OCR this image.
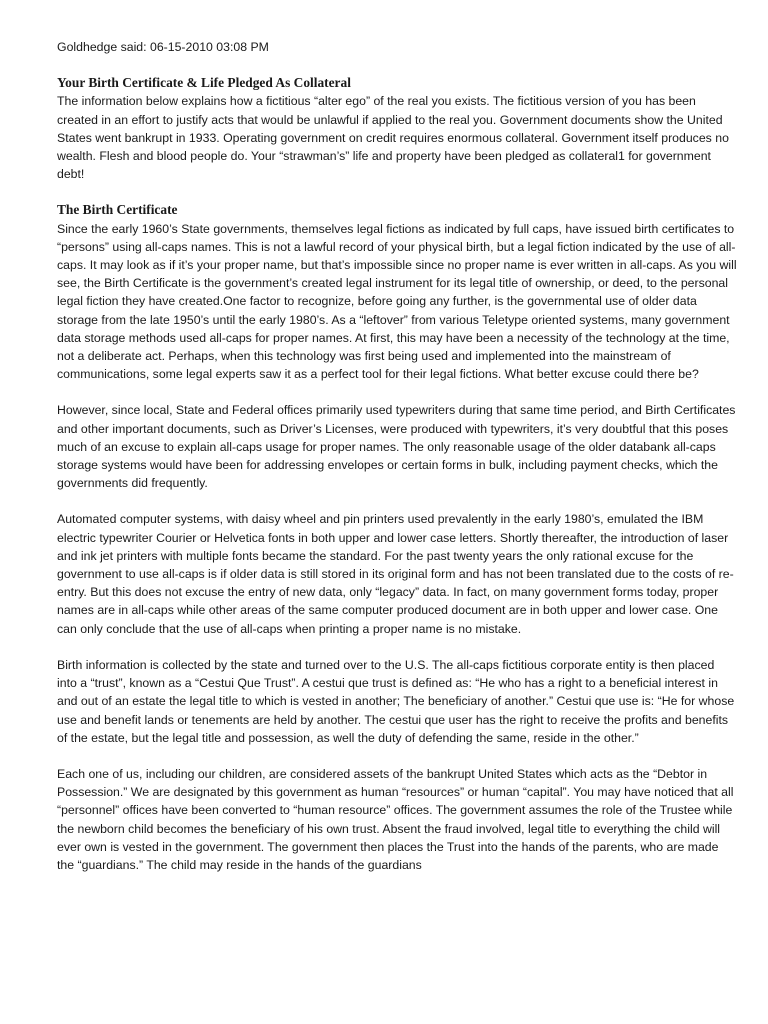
Goldhedge said: 06-15-2010 03:08 PM
Your Birth Certificate & Life Pledged As Collateral

The information below explains how a fictitious “alter ego” of the real you exists. The fictitious version of you has been created in an effort to justify acts that would be unlawful if applied to the real you. Government documents show the United States went bankrupt in 1933. Operating government on credit requires enormous collateral. Government itself produces no wealth. Flesh and blood people do. Your “strawman’s” life and property have been pledged as collateral1 for government debt!

The Birth Certificate

Since the early 1960’s State governments, themselves legal fictions as indicated by full caps, have issued birth certificates to “persons” using all-caps names. This is not a lawful record of your physical birth, but a legal fiction indicated by the use of all-caps. It may look as if it’s your proper name, but that’s impossible since no proper name is ever written in all-caps. As you will see, the Birth Certificate is the government’s created legal instrument for its legal title of ownership, or deed, to the personal legal fiction they have created.One factor to recognize, before going any further, is the governmental use of older data storage from the late 1950’s until the early 1980’s. As a “leftover” from various Teletype oriented systems, many government data storage methods used all-caps for proper names. At first, this may have been a necessity of the technology at the time, not a deliberate act. Perhaps, when this technology was first being used and implemented into the mainstream of communications, some legal experts saw it as a perfect tool for their legal fictions. What better excuse could there be?

However, since local, State and Federal offices primarily used typewriters during that same time period, and Birth Certificates and other important documents, such as Driver’s Licenses, were produced with typewriters, it’s very doubtful that this poses much of an excuse to explain all-caps usage for proper names. The only reasonable usage of the older databank all-caps storage systems would have been for addressing envelopes or certain forms in bulk, including payment checks, which the governments did frequently.

Automated computer systems, with daisy wheel and pin printers used prevalently in the early 1980’s, emulated the IBM electric typewriter Courier or Helvetica fonts in both upper and lower case letters. Shortly thereafter, the introduction of laser and ink jet printers with multiple fonts became the standard. For the past twenty years the only rational excuse for the government to use all-caps is if older data is still stored in its original form and has not been translated due to the costs of re-entry. But this does not excuse the entry of new data, only “legacy” data. In fact, on many government forms today, proper names are in all-caps while other areas of the same computer produced document are in both upper and lower case. One can only conclude that the use of all-caps when printing a proper name is no mistake.

Birth information is collected by the state and turned over to the U.S. The all-caps fictitious corporate entity is then placed into a “trust”, known as a “Cestui Que Trust”. A cestui que trust is defined as: “He who has a right to a beneficial interest in and out of an estate the legal title to which is vested in another; The beneficiary of another.” Cestui que use is: “He for whose use and benefit lands or tenements are held by another. The cestui que user has the right to receive the profits and benefits of the estate, but the legal title and possession, as well the duty of defending the same, reside in the other.”

Each one of us, including our children, are considered assets of the bankrupt United States which acts as the “Debtor in Possession.” We are designated by this government as human “resources” or human “capital”. You may have noticed that all “personnel” offices have been converted to “human resource” offices. The government assumes the role of the Trustee while the newborn child becomes the beneficiary of his own trust. Absent the fraud involved, legal title to everything the child will ever own is vested in the government. The government then places the Trust into the hands of the parents, who are made the “guardians.” The child may reside in the hands of the guardians
